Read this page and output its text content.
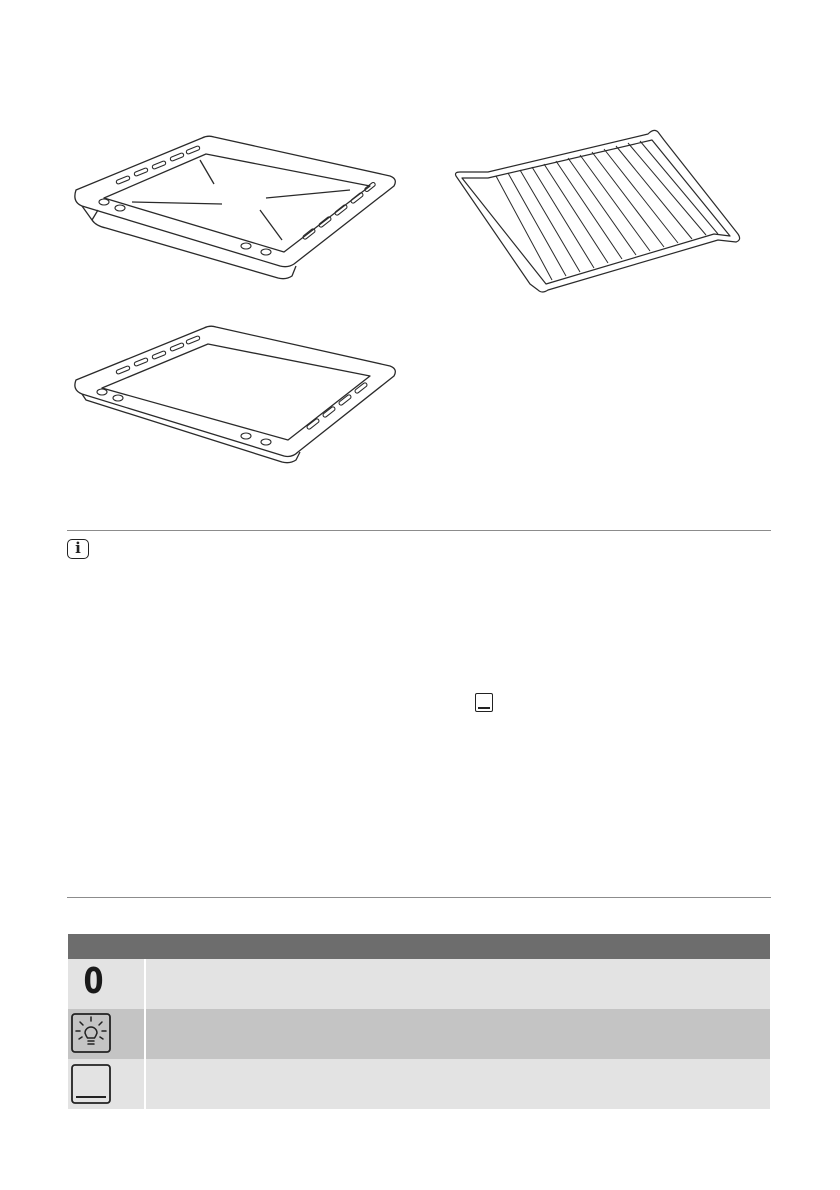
i
0
